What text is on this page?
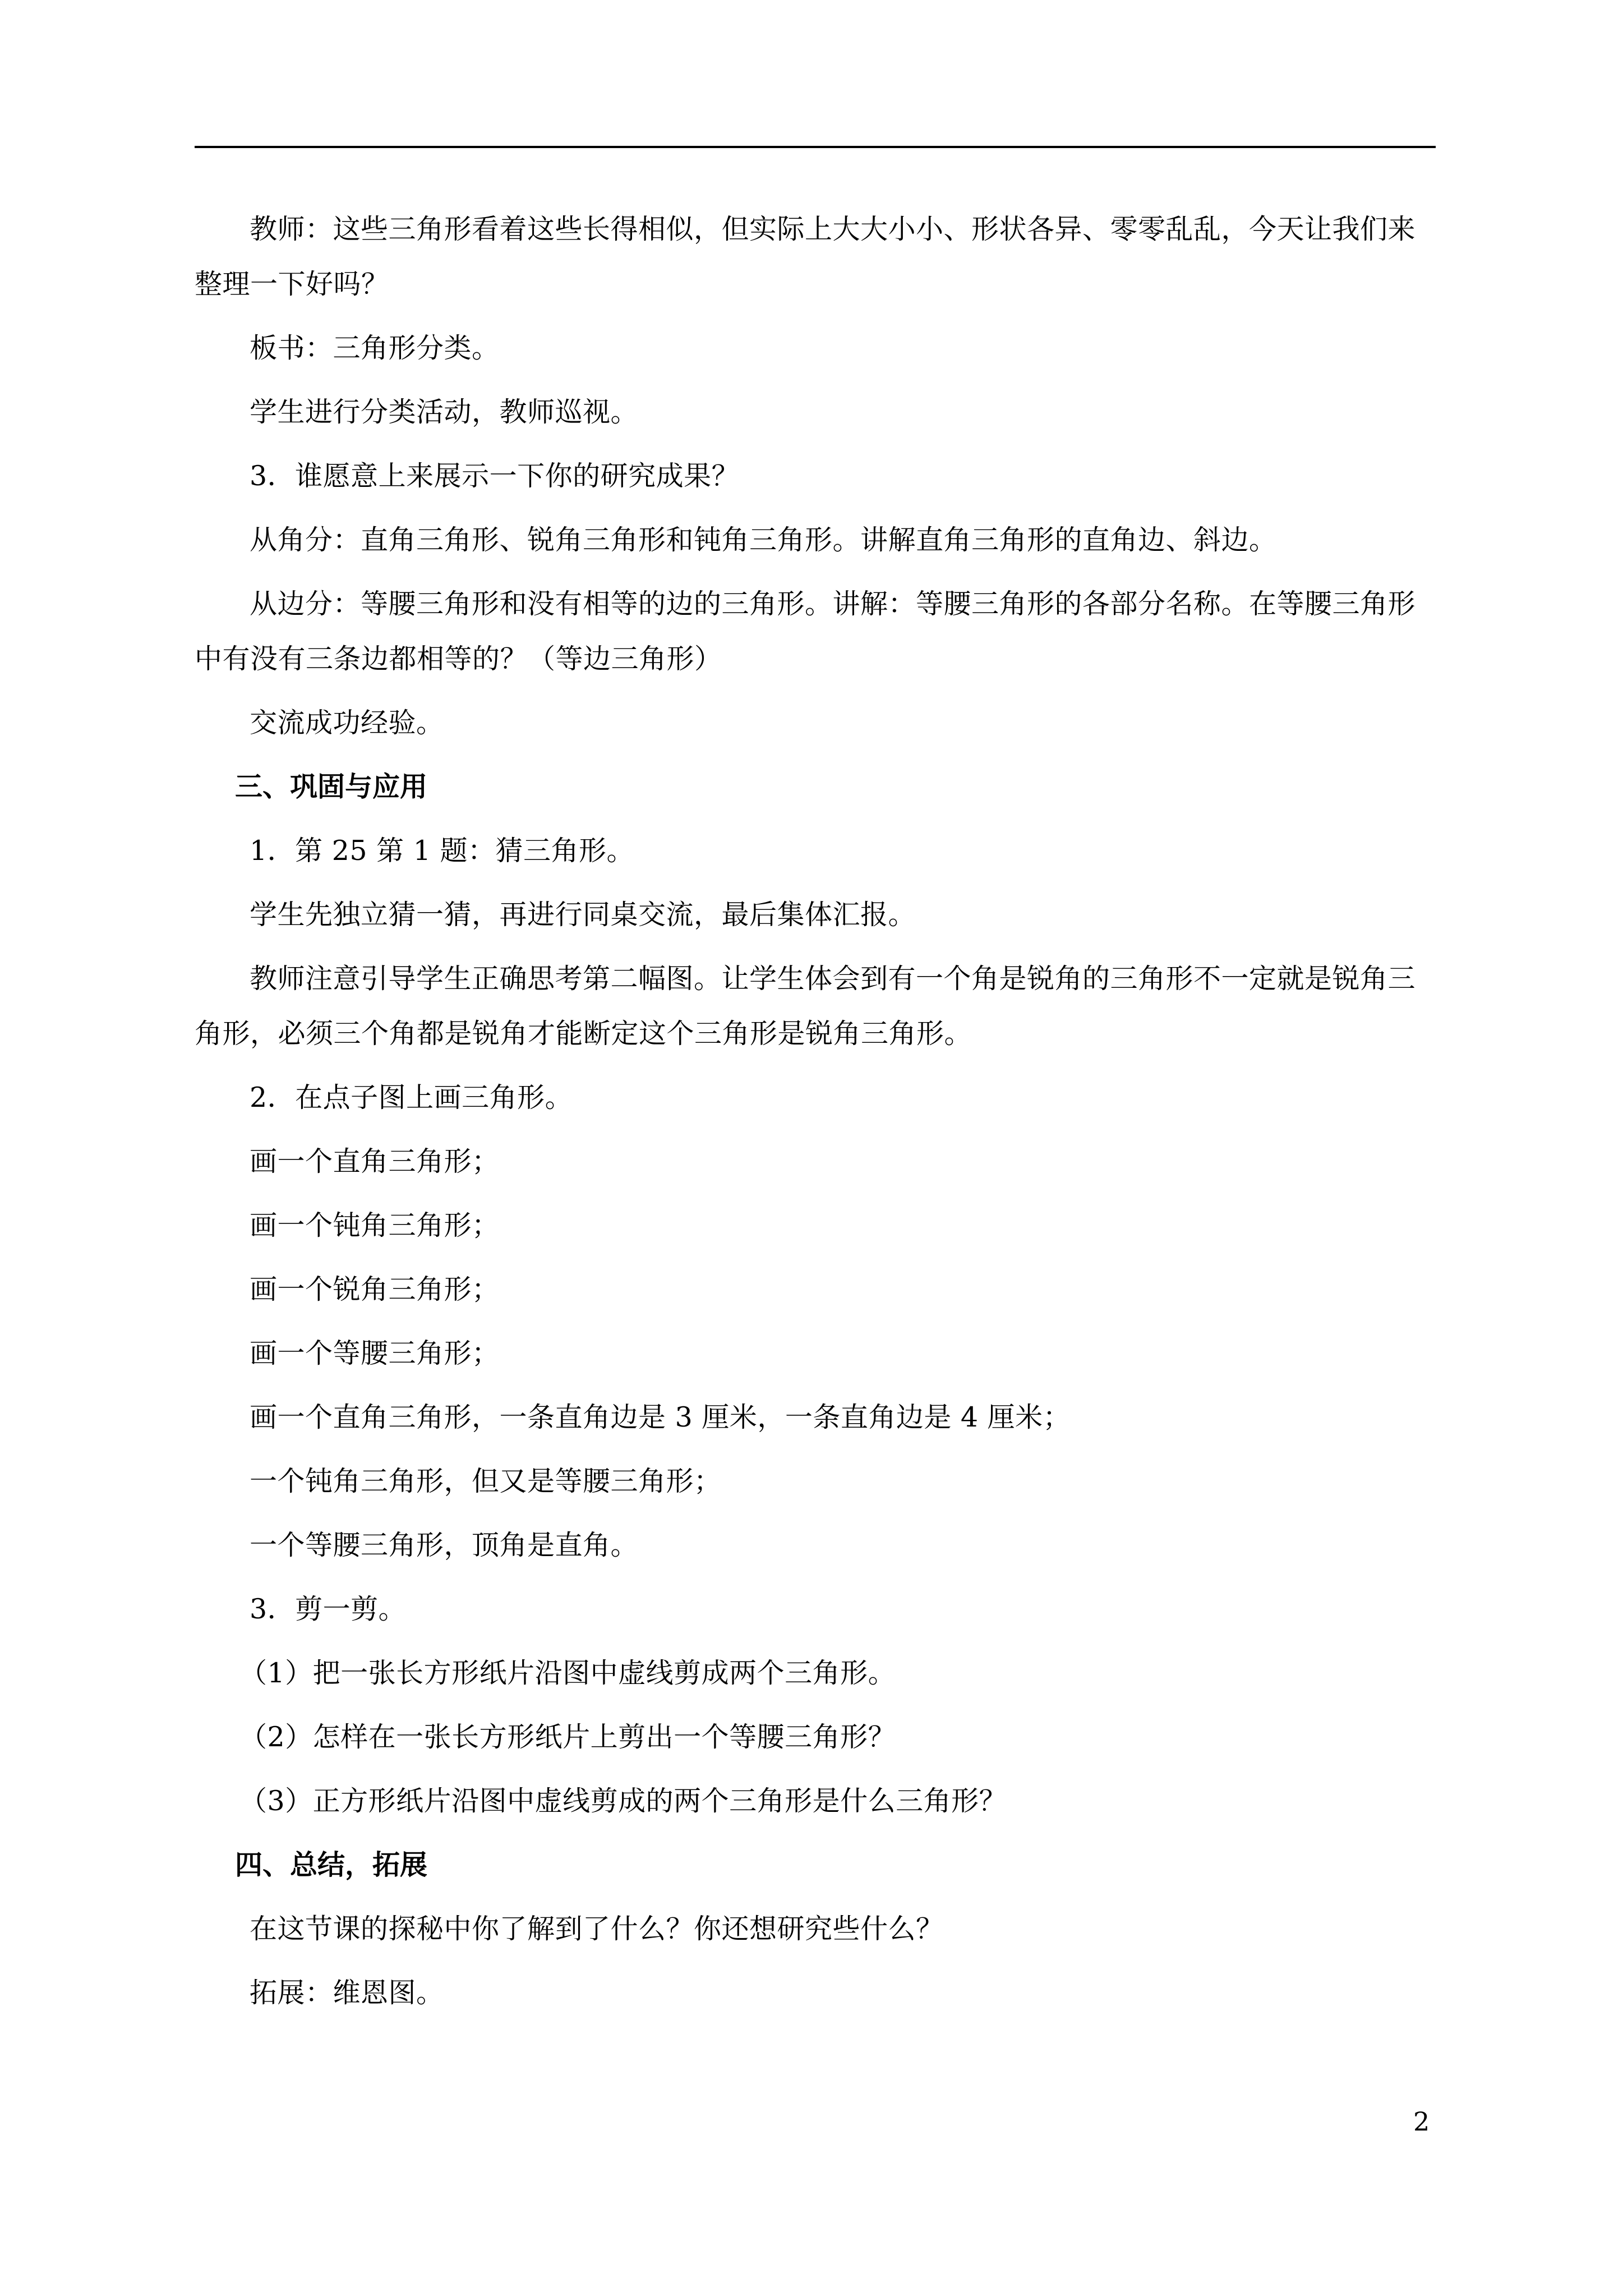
教师：这些三角形看着这些长得相似，但实际上大大小小、形状各异、零零乱乱，今天让我们来整理一下好吗？

板书：三角形分类。

学生进行分类活动，教师巡视。

3．谁愿意上来展示一下你的研究成果？

从角分：直角三角形、锐角三角形和钝角三角形。讲解直角三角形的直角边、斜边。

从边分：等腰三角形和没有相等的边的三角形。讲解：等腰三角形的各部分名称。在等腰三角形中有没有三条边都相等的？（等边三角形）

交流成功经验。

三、巩固与应用

1．第 25 第 1 题：猜三角形。

学生先独立猜一猜，再进行同桌交流，最后集体汇报。

教师注意引导学生正确思考第二幅图。让学生体会到有一个角是锐角的三角形不一定就是锐角三角形，必须三个角都是锐角才能断定这个三角形是锐角三角形。

2．在点子图上画三角形。

画一个直角三角形；

画一个钝角三角形；

画一个锐角三角形；

画一个等腰三角形；

画一个直角三角形，一条直角边是 3 厘米，一条直角边是 4 厘米；

一个钝角三角形，但又是等腰三角形；

一个等腰三角形，顶角是直角。

3．剪一剪。

（1）把一张长方形纸片沿图中虚线剪成两个三角形。

（2）怎样在一张长方形纸片上剪出一个等腰三角形？

（3）正方形纸片沿图中虚线剪成的两个三角形是什么三角形？

四、总结，拓展

在这节课的探秘中你了解到了什么？你还想研究些什么？

拓展：维恩图。

2
